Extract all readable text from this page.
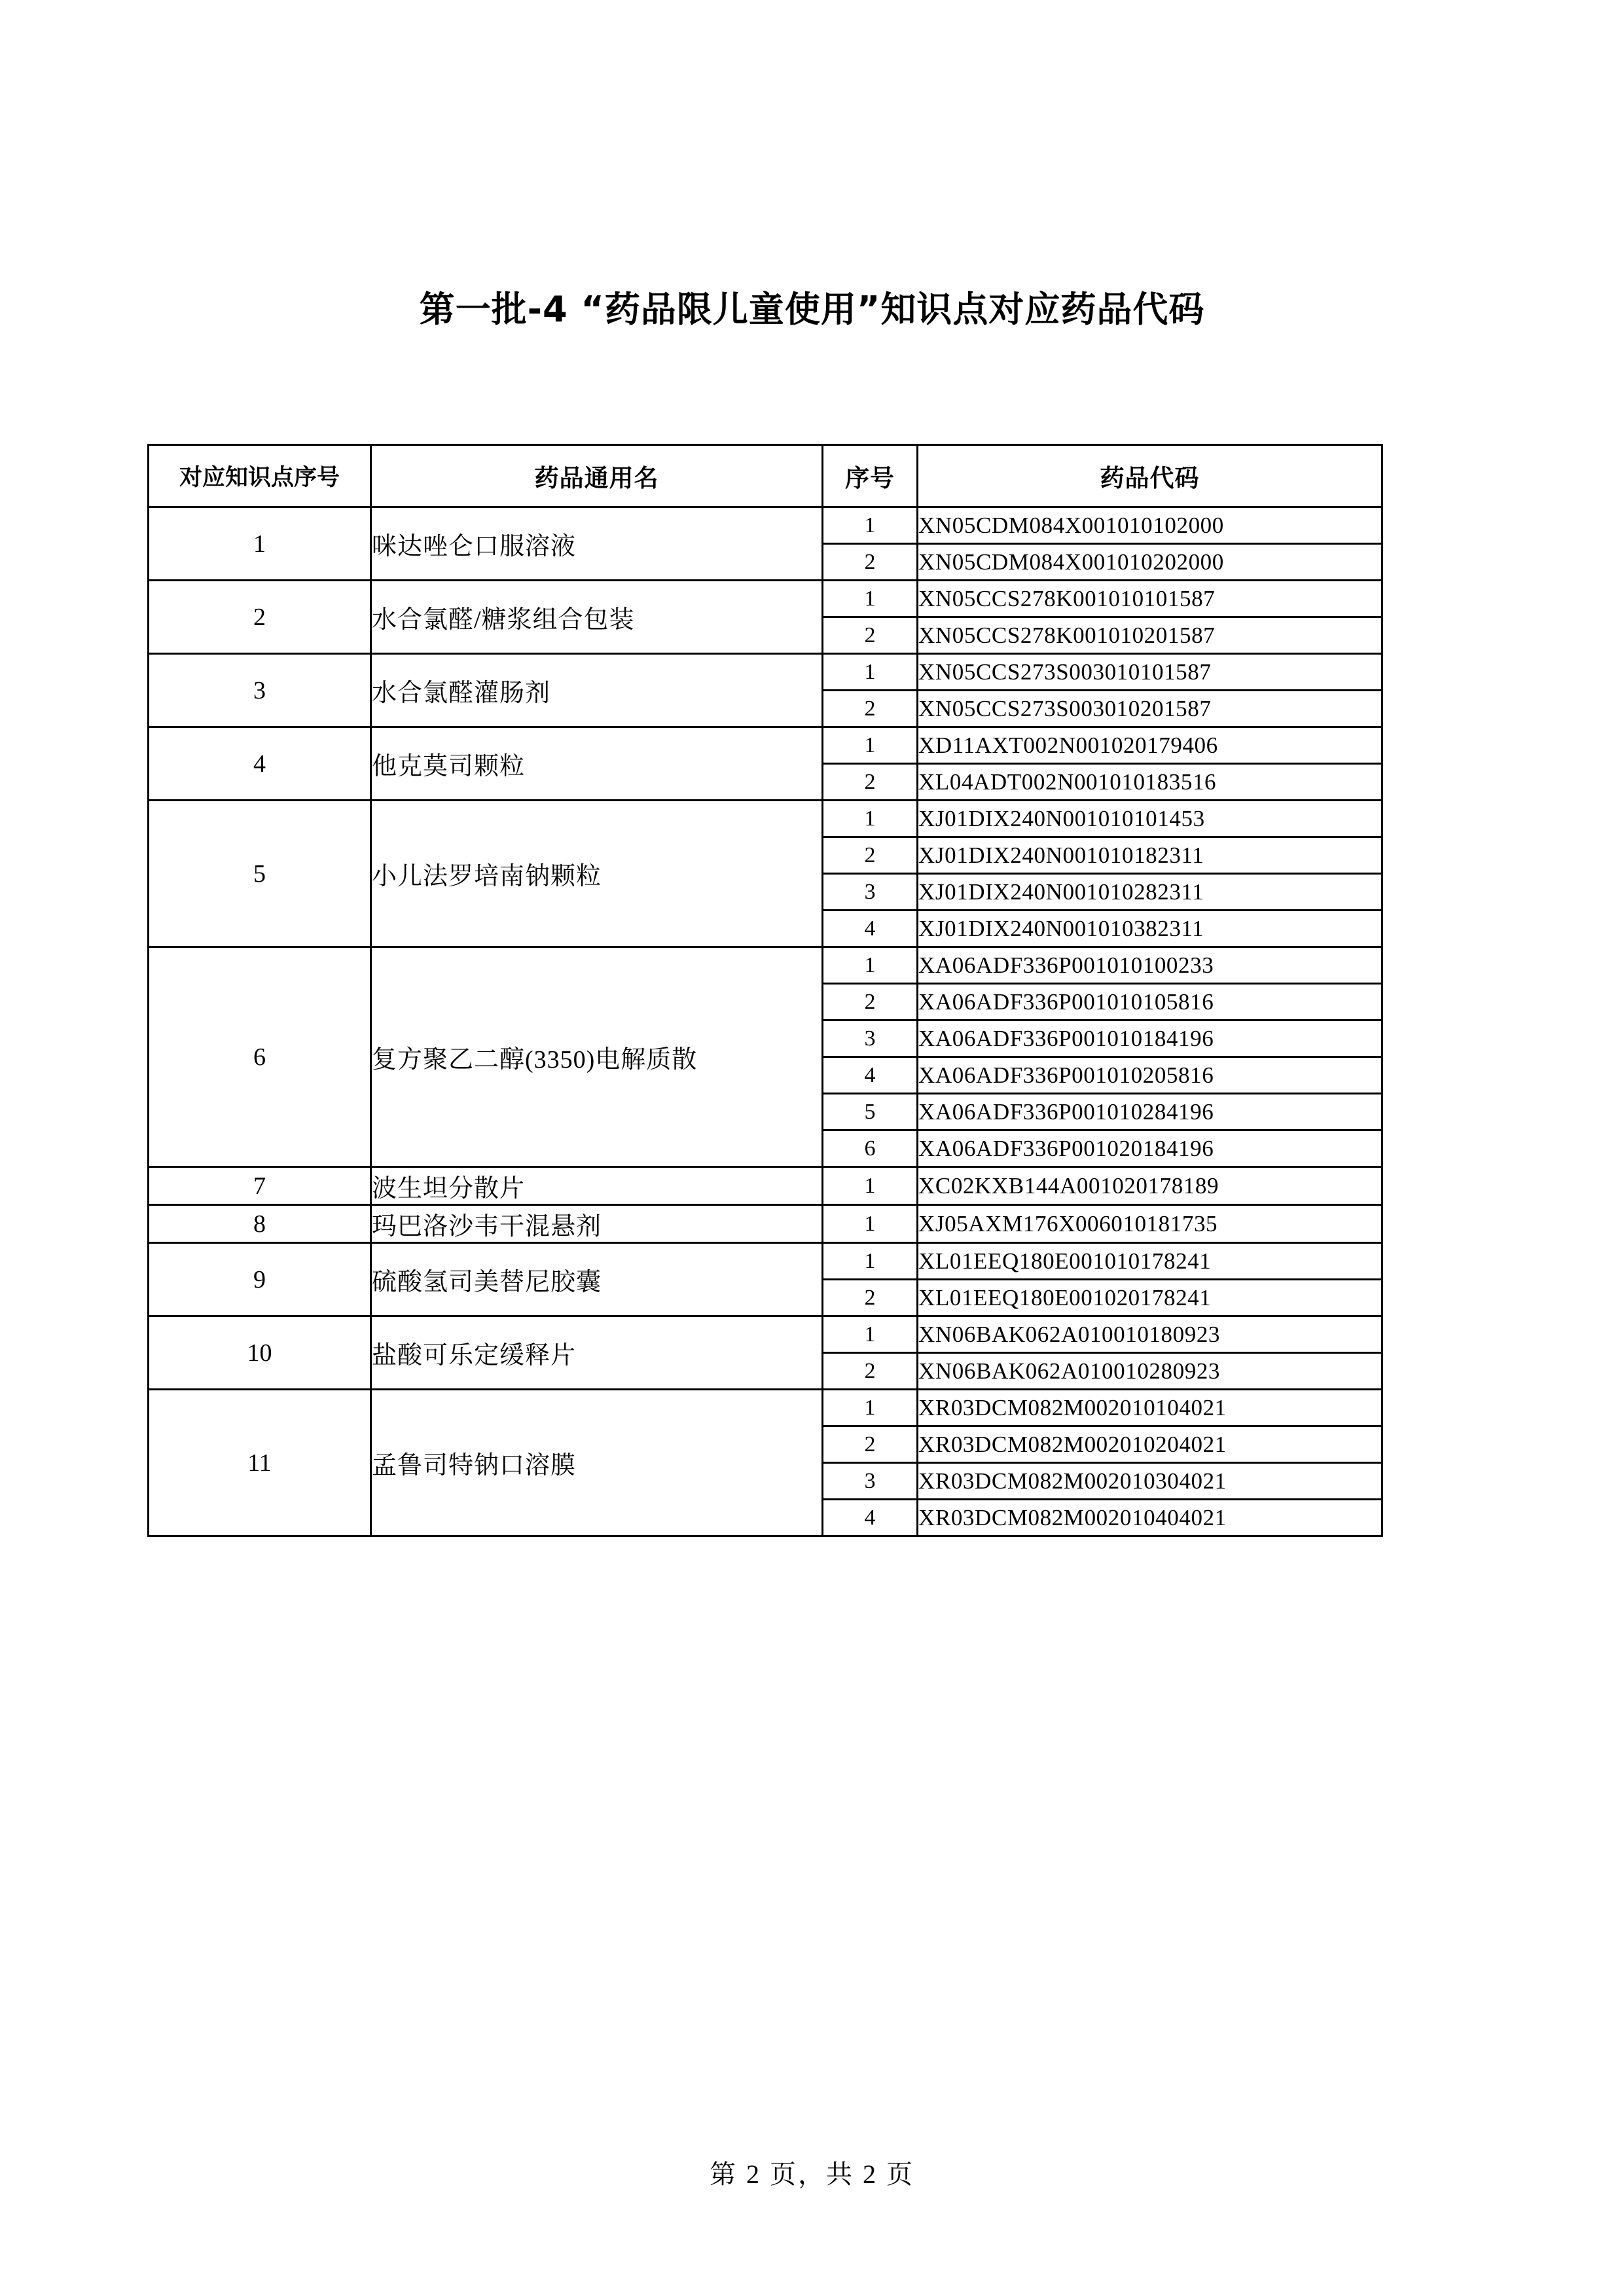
第一批-4 “药品限儿童使用”知识点对应药品代码
对应知识点序号	药品通用名	序号	药品代码
1	咪达唑仑口服溶液	1	XN05CDM084X001010102000
		2	XN05CDM084X001010202000
2	水合氯醛/糖浆组合包装	1	XN05CCS278K001010101587
		2	XN05CCS278K001010201587
3	水合氯醛灌肠剂	1	XN05CCS273S003010101587
		2	XN05CCS273S003010201587
4	他克莫司颗粒	1	XD11AXT002N001020179406
		2	XL04ADT002N001010183516
5	小儿法罗培南钠颗粒	1	XJ01DIX240N001010101453
		2	XJ01DIX240N001010182311
		3	XJ01DIX240N001010282311
		4	XJ01DIX240N001010382311
6	复方聚乙二醇(3350)电解质散	1	XA06ADF336P001010100233
		2	XA06ADF336P001010105816
		3	XA06ADF336P001010184196
		4	XA06ADF336P001010205816
		5	XA06ADF336P001010284196
		6	XA06ADF336P001020184196
7	波生坦分散片	1	XC02KXB144A001020178189
8	玛巴洛沙韦干混悬剂	1	XJ05AXM176X006010181735
9	硫酸氢司美替尼胶囊	1	XL01EEQ180E001010178241
		2	XL01EEQ180E001020178241
10	盐酸可乐定缓释片	1	XN06BAK062A010010180923
		2	XN06BAK062A010010280923
11	孟鲁司特钠口溶膜	1	XR03DCM082M002010104021
		2	XR03DCM082M002010204021
		3	XR03DCM082M002010304021
		4	XR03DCM082M002010404021
第 2 页，共 2 页
